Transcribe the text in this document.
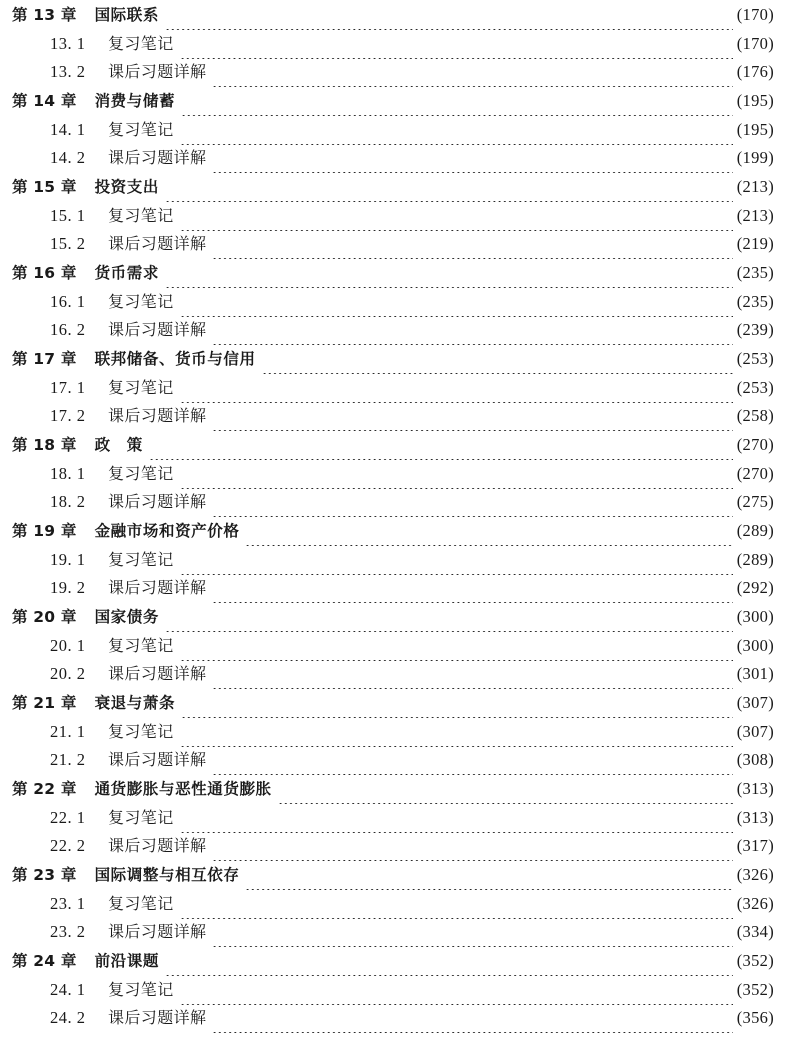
第 13 章 国际联系	(170)
13. 1	复习笔记	(170)
13. 2	课后习题详解	(176)
第 14 章 消费与储蓄	(195)
14. 1	复习笔记	(195)
14. 2	课后习题详解	(199)
第 15 章 投资支出	(213)
15. 1	复习笔记	(213)
15. 2	课后习题详解	(219)
第 16 章 货币需求	(235)
16. 1	复习笔记	(235)
16. 2	课后习题详解	(239)
第 17 章 联邦储备、货币与信用	(253)
17. 1	复习笔记	(253)
17. 2	课后习题详解	(258)
第 18 章 政　策	(270)
18. 1	复习笔记	(270)
18. 2	课后习题详解	(275)
第 19 章 金融市场和资产价格	(289)
19. 1	复习笔记	(289)
19. 2	课后习题详解	(292)
第 20 章 国家债务	(300)
20. 1	复习笔记	(300)
20. 2	课后习题详解	(301)
第 21 章 衰退与萧条	(307)
21. 1	复习笔记	(307)
21. 2	课后习题详解	(308)
第 22 章 通货膨胀与恶性通货膨胀	(313)
22. 1	复习笔记	(313)
22. 2	课后习题详解	(317)
第 23 章 国际调整与相互依存	(326)
23. 1	复习笔记	(326)
23. 2	课后习题详解	(334)
第 24 章 前沿课题	(352)
24. 1	复习笔记	(352)
24. 2	课后习题详解	(356)
